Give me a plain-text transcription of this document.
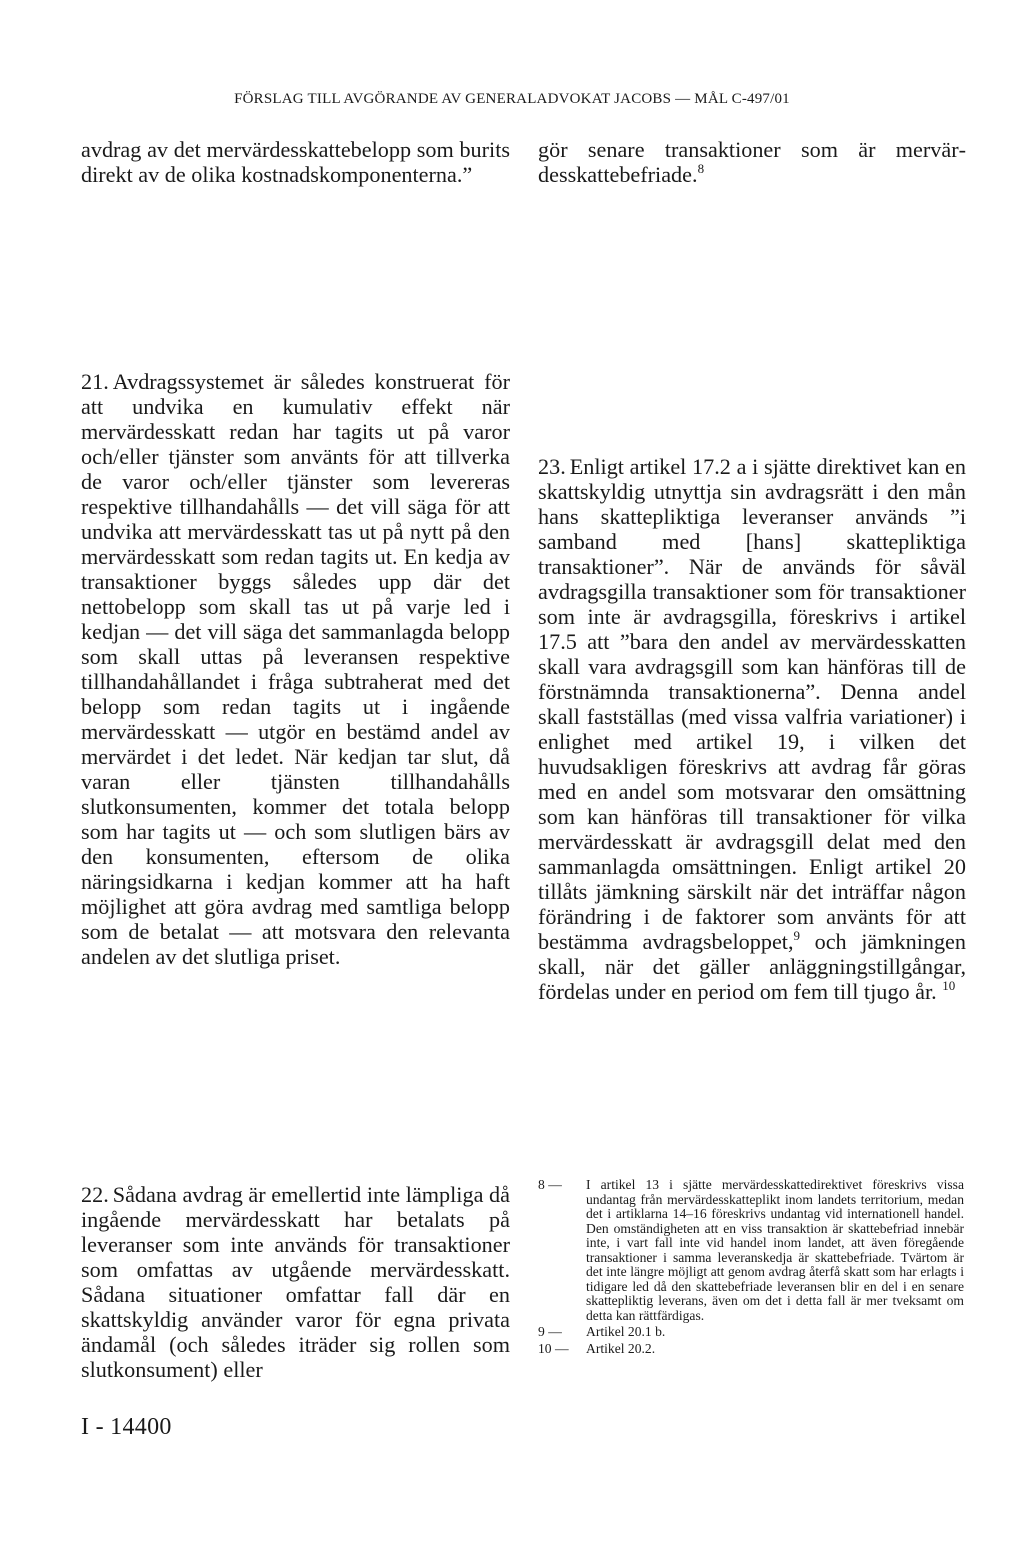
FÖRSLAG TILL AVGÖRANDE AV GENERALADVOKAT JACOBS — MÅL C-497/01

avdrag av det mervärdesskattebelopp som burits direkt av de olika kostnadskomponenterna.”

gör senare transaktioner som är mervärdesskattebefriade.$^8$

21. Avdragssystemet är således konstruerat för att undvika en kumulativ effekt när mervärdesskatt redan har tagits ut på varor och/eller tjänster som använts för att tillverka de varor och/eller tjänster som levereras respektive tillhandahålls — det vill säga för att undvika att mervärdesskatt tas ut på nytt på den mervärdesskatt som redan tagits ut. En kedja av transaktioner byggs således upp där det nettobelopp som skall tas ut på varje led i kedjan — det vill säga det sammanlagda belopp som skall uttas på leveransen respektive tillhandahållandet i fråga subtraherat med det belopp som redan tagits ut i ingående mervärdesskatt — utgör en bestämd andel av mervärdet i det ledet. När kedjan tar slut, då varan eller tjänsten tillhandahålls slutkonsumenten, kommer det totala belopp som har tagits ut — och som slutligen bärs av den konsumenten, eftersom de olika näringsidkarna i kedjan kommer att ha haft möjlighet att göra avdrag med samtliga belopp som de betalat — att motsvara den relevanta andelen av det slutliga priset.

23. Enligt artikel 17.2 a i sjätte direktivet kan en skattskyldig utnyttja sin avdragsrätt i den mån hans skattepliktiga leveranser används ”i samband med [hans] skattepliktiga transaktioner”. När de används för såväl avdragsgilla transaktioner som för transaktioner som inte är avdragsgilla, föreskrivs i artikel 17.5 att ”bara den andel av mervärdesskatten skall vara avdragsgill som kan hänföras till de förstnämnda transaktionerna”. Denna andel skall fastställas (med vissa valfria variationer) i enlighet med artikel 19, i vilken det huvudsakligen föreskrivs att avdrag får göras med en andel som motsvarar den omsättning som kan hänföras till transaktioner för vilka mervärdesskatt är avdragsgill delat med den sammanlagda omsättningen. Enligt artikel 20 tillåts jämkning särskilt när det inträffar någon förändring i de faktorer som använts för att bestämma avdragsbeloppet,$^9$ och jämkningen skall, när det gäller anläggningstillgångar, fördelas under en period om fem till tjugo år. $^{10}$

22. Sådana avdrag är emellertid inte lämpliga då ingående mervärdesskatt har betalats på leveranser som inte används för transaktioner som omfattas av utgående mervärdesskatt. Sådana situationer omfattar fall där en skattskyldig använder varor för egna privata ändamål (och således iträder sig rollen som slutkonsument) eller

8 —	I artikel 13 i sjätte mervärdesskattedirektivet föreskrivs vissa undantag från mervärdesskatteplikt inom landets territorium, medan det i artiklarna 14–16 föreskrivs undantag vid internationell handel. Den omständigheten att en viss transaktion är skattebefriad innebär inte, i vart fall inte vid handel inom landet, att även föregående transaktioner i samma leveranskedja är skattebefriade. Tvärtom är det inte längre möjligt att genom avdrag återfå skatt som har erlagts i tidigare led då den skattebefriade leveransen blir en del i en senare skattepliktig leverans, även om det i detta fall är mer tveksamt om detta kan rättfärdigas.
9 —	Artikel 20.1 b.
10 —	Artikel 20.2.
I - 14400
